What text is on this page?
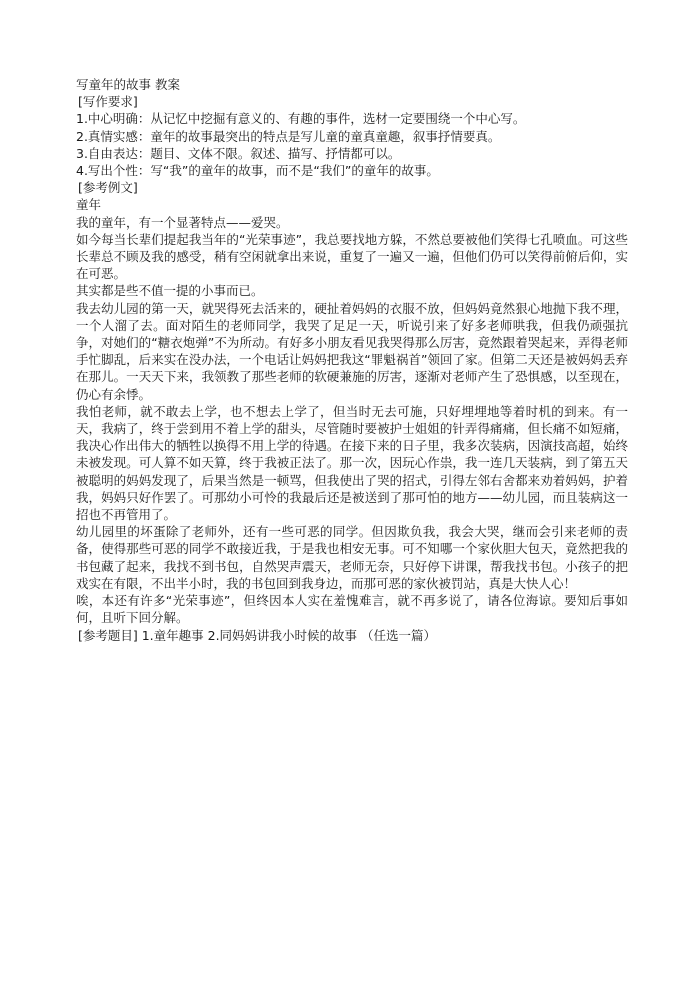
写童年的故事 教案
[写作要求]
1.中心明确：从记忆中挖掘有意义的、有趣的事件，选材一定要围绕一个中心写。
2.真情实感：童年的故事最突出的特点是写儿童的童真童趣，叙事抒情要真。
3.自由表达：题目、文体不限。叙述、描写、抒情都可以。
4.写出个性：写“我”的童年的故事，而不是“我们”的童年的故事。
[参考例文]
童年
我的童年，有一个显著特点——爱哭。
如今每当长辈们提起我当年的“光荣事迹”，我总要找地方躲，不然总要被他们笑得七孔喷血。可这些长辈总不顾及我的感受，稍有空闲就拿出来说，重复了一遍又一遍，但他们仍可以笑得前俯后仰，实在可恶。
其实都是些不值一提的小事而已。
我去幼儿园的第一天，就哭得死去活来的，硬扯着妈妈的衣服不放，但妈妈竟然狠心地抛下我不理，一个人溜了去。面对陌生的老师同学，我哭了足足一天，听说引来了好多老师哄我，但我仍顽强抗争，对她们的“糖衣炮弹”不为所动。有好多小朋友看见我哭得那么厉害，竟然跟着哭起来，弄得老师手忙脚乱，后来实在没办法，一个电话让妈妈把我这“罪魁祸首”领回了家。但第二天还是被妈妈丢弃在那儿。一天天下来，我领教了那些老师的软硬兼施的厉害，逐渐对老师产生了恐惧感，以至现在，仍心有余悸。
我怕老师，就不敢去上学，也不想去上学了，但当时无去可施，只好埋埋地等着时机的到来。有一天，我病了，终于尝到用不着上学的甜头，尽管随时要被护士姐姐的针弄得痛痛，但长痛不如短痛，我决心作出伟大的牺牲以换得不用上学的待遇。在接下来的日子里，我多次装病，因演技高超，始终未被发现。可人算不如天算，终于我被正法了。那一次，因玩心作祟，我一连几天装病，到了第五天被聪明的妈妈发现了，后果当然是一顿骂，但我使出了哭的招式，引得左邻右舍都来劝着妈妈，护着我，妈妈只好作罢了。可那幼小可怜的我最后还是被送到了那可怕的地方——幼儿园，而且装病这一招也不再管用了。
幼儿园里的坏蛋除了老师外，还有一些可恶的同学。但因欺负我，我会大哭，继而会引来老师的责备，使得那些可恶的同学不敢接近我，于是我也相安无事。可不知哪一个家伙胆大包天，竟然把我的书包藏了起来，我找不到书包，自然哭声震天，老师无奈，只好停下讲课，帮我找书包。小孩子的把戏实在有限，不出半小时，我的书包回到我身边，而那可恶的家伙被罚站，真是大快人心！
唉，本还有许多“光荣事迹”，但终因本人实在羞愧难言，就不再多说了，请各位海谅。要知后事如何，且听下回分解。
[参考题目] 1.童年趣事 2.同妈妈讲我小时候的故事 （任选一篇）
